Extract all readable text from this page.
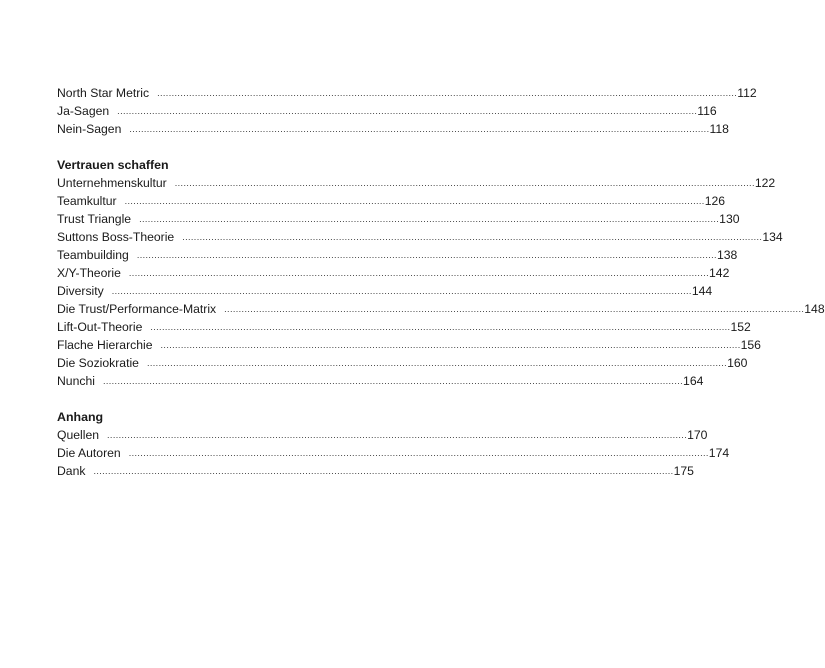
North Star Metric ........................................................................................................................................................................................................ 112
Ja-Sagen ........................................................................................................................................................................................................ 116
Nein-Sagen ........................................................................................................................................................................................................ 118
Vertrauen schaffen
Unternehmenskultur ........................................................................................................................................................................................................ 122
Teamkultur ........................................................................................................................................................................................................ 126
Trust Triangle ........................................................................................................................................................................................................ 130
Suttons Boss-Theorie ........................................................................................................................................................................................................ 134
Teambuilding ........................................................................................................................................................................................................ 138
X/Y-Theorie ........................................................................................................................................................................................................ 142
Diversity ........................................................................................................................................................................................................ 144
Die Trust/Performance-Matrix ........................................................................................................................................................................................................ 148
Lift-Out-Theorie ........................................................................................................................................................................................................ 152
Flache Hierarchie ........................................................................................................................................................................................................ 156
Die Soziokratie ........................................................................................................................................................................................................ 160
Nunchi ........................................................................................................................................................................................................ 164
Anhang
Quellen ........................................................................................................................................................................................................ 170
Die Autoren ........................................................................................................................................................................................................ 174
Dank ........................................................................................................................................................................................................ 175
